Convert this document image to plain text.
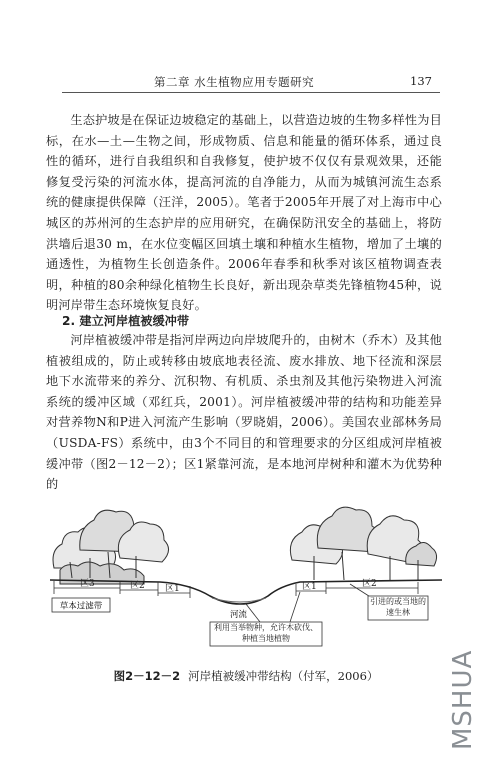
第二章 水生植物应用专题研究	137

生态护坡是在保证边坡稳定的基础上，以营造边坡的生物多样性为目标，在水—土—生物之间，形成物质、信息和能量的循环体系，通过良性的循环，进行自我组织和自我修复，使护坡不仅仅有景观效果，还能修复受污染的河流水体，提高河流的自净能力，从而为城镇河流生态系统的健康提供保障（汪洋，2005）。笔者于2005年开展了对上海市中心城区的苏州河的生态护岸的应用研究，在确保防汛安全的基础上，将防洪墙后退30 m，在水位变幅区回填土壤和种植水生植物，增加了土壤的通透性，为植物生长创造条件。2006年春季和秋季对该区植物调查表明，种植的80余种绿化植物生长良好，新出现杂草类先锋植物45种，说明河岸带生态环境恢复良好。

2. 建立河岸植被缓冲带

河岸植被缓冲带是指河岸两边向岸坡爬升的，由树木（乔木）及其他植被组成的，防止或转移由坡底地表径流、废水排放、地下径流和深层地下水流带来的养分、沉积物、有机质、杀虫剂及其他污染物进入河流系统的缓冲区域（邓红兵，2001）。河岸植被缓冲带的结构和功能差异对营养物N和P进入河流产生影响（罗晓娟，2006）。美国农业部林务局（USDA-FS）系统中，由3个不同目的和管理要求的分区组成河岸植被缓冲带（图2－12－2）；区1紧靠河流，是本地河岸树种和灌木为优势种的

区3	区2 区1	区1	区2
草本过滤带
河流
利用当举物种，允许木砍伐、种植当地植物
引进的或当地的速生林
图2－12－2 河岸植被缓冲带结构（付军，2006）	MSHUA
